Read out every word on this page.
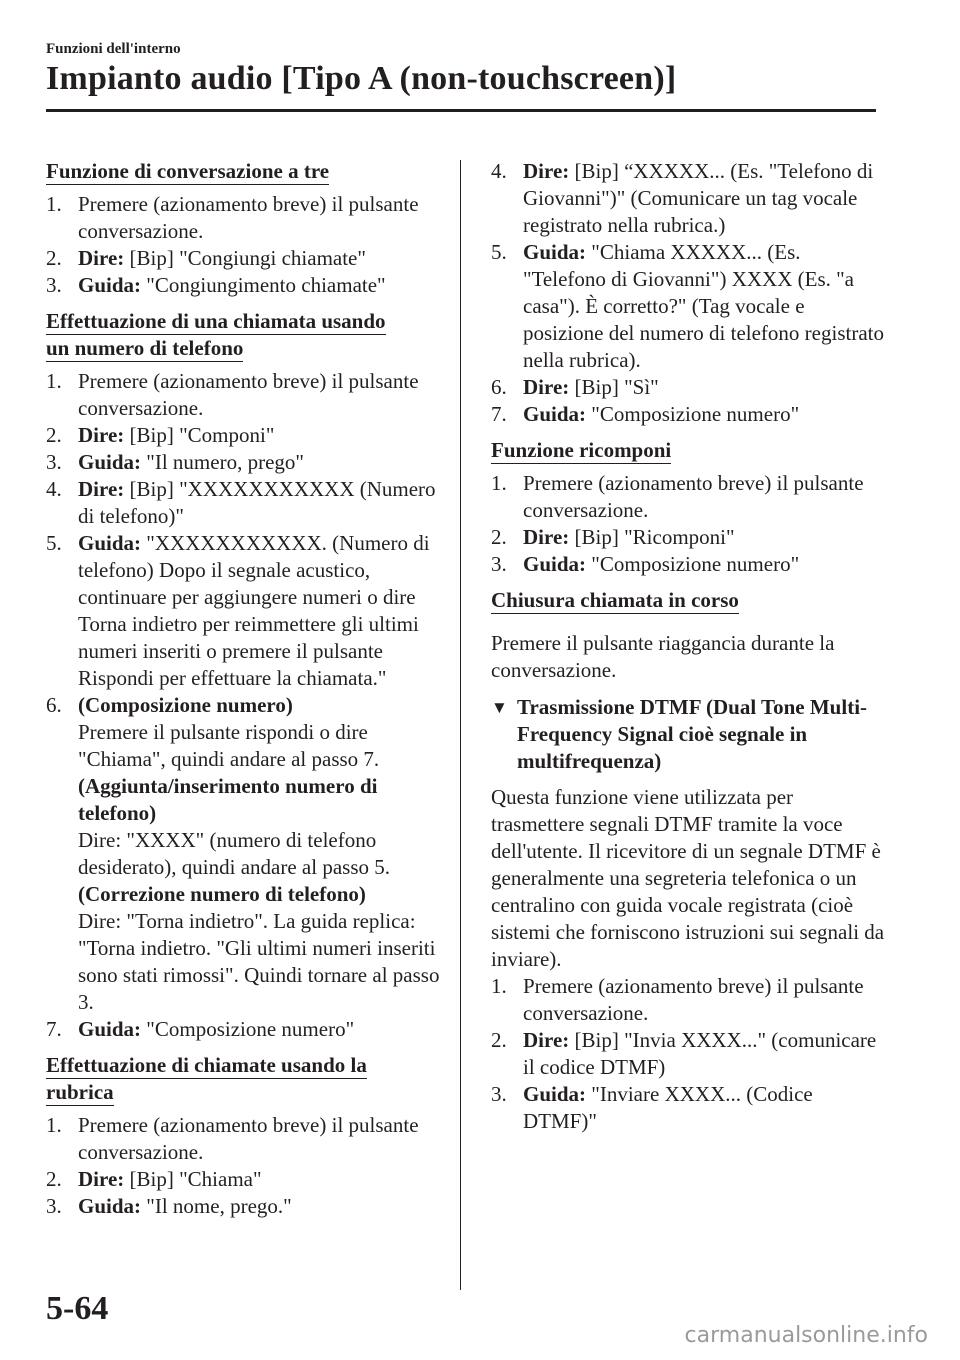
Funzioni dell'interno
Impianto audio [Tipo A (non-touchscreen)]
Funzione di conversazione a tre
1. Premere (azionamento breve) il pulsante conversazione.
2. Dire: [Bip] "Congiungi chiamate"
3. Guida: "Congiungimento chiamate"
Effettuazione di una chiamata usando
un numero di telefono
1. Premere (azionamento breve) il pulsante conversazione.
2. Dire: [Bip] "Componi"
3. Guida: "Il numero, prego"
4. Dire: [Bip] "XXXXXXXXXXX (Numero di telefono)"
5. Guida: "XXXXXXXXXXX. (Numero di telefono) Dopo il segnale acustico, continuare per aggiungere numeri o dire Torna indietro per reimmettere gli ultimi numeri inseriti o premere il pulsante Rispondi per effettuare la chiamata."
6. (Composizione numero)
Premere il pulsante rispondi o dire "Chiama", quindi andare al passo 7.
(Aggiunta/inserimento numero di telefono)
Dire: "XXXX" (numero di telefono desiderato), quindi andare al passo 5.
(Correzione numero di telefono)
Dire: "Torna indietro". La guida replica: "Torna indietro. "Gli ultimi numeri inseriti sono stati rimossi". Quindi tornare al passo 3.
7. Guida: "Composizione numero"
Effettuazione di chiamate usando la
rubrica
1. Premere (azionamento breve) il pulsante conversazione.
2. Dire: [Bip] "Chiama"
3. Guida: "Il nome, prego."
4. Dire: [Bip] “XXXXX... (Es. "Telefono di Giovanni")" (Comunicare un tag vocale registrato nella rubrica.)
5. Guida: "Chiama XXXXX... (Es. "Telefono di Giovanni") XXXX (Es. "a casa"). È corretto?" (Tag vocale e posizione del numero di telefono registrato nella rubrica).
6. Dire: [Bip] "Sì"
7. Guida: "Composizione numero"
Funzione ricomponi
1. Premere (azionamento breve) il pulsante conversazione.
2. Dire: [Bip] "Ricomponi"
3. Guida: "Composizione numero"
Chiusura chiamata in corso
Premere il pulsante riaggancia durante la conversazione.
▼ Trasmissione DTMF (Dual Tone Multi-Frequency Signal cioè segnale in multifrequenza)
Questa funzione viene utilizzata per trasmettere segnali DTMF tramite la voce dell'utente. Il ricevitore di un segnale DTMF è generalmente una segreteria telefonica o un centralino con guida vocale registrata (cioè sistemi che forniscono istruzioni sui segnali da inviare).
1. Premere (azionamento breve) il pulsante conversazione.
2. Dire: [Bip] "Invia XXXX..." (comunicare il codice DTMF)
3. Guida: "Inviare XXXX... (Codice DTMF)"
5-64
carmanualsonline.info
